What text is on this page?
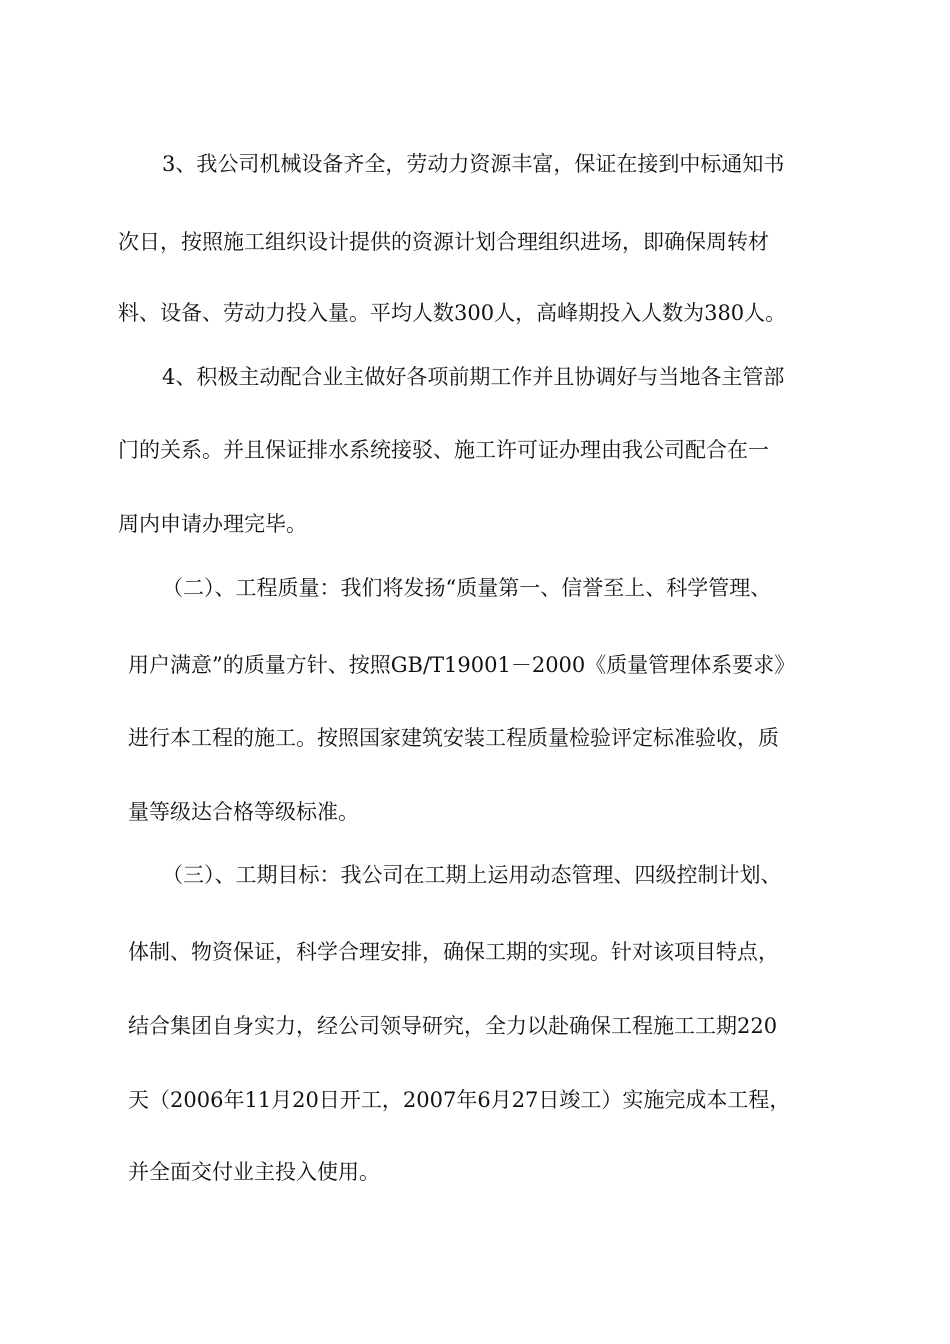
3、我公司机械设备齐全，劳动力资源丰富，保证在接到中标通知书
次日，按照施工组织设计提供的资源计划合理组织进场，即确保周转材
料、设备、劳动力投入量。平均人数300人，高峰期投入人数为380人。
4、积极主动配合业主做好各项前期工作并且协调好与当地各主管部
门的关系。并且保证排水系统接驳、施工许可证办理由我公司配合在一
周内申请办理完毕。
（二）、工程质量：我们将发扬“质量第一、信誉至上、科学管理、
用户满意”的质量方针、按照GB/T19001－2000《质量管理体系要求》
进行本工程的施工。按照国家建筑安装工程质量检验评定标准验收，质
量等级达合格等级标准。
（三）、工期目标：我公司在工期上运用动态管理、四级控制计划、
体制、物资保证，科学合理安排，确保工期的实现。针对该项目特点，
结合集团自身实力，经公司领导研究，全力以赴确保工程施工工期220
天（2006年11月20日开工，2007年6月27日竣工）实施完成本工程，
并全面交付业主投入使用。
